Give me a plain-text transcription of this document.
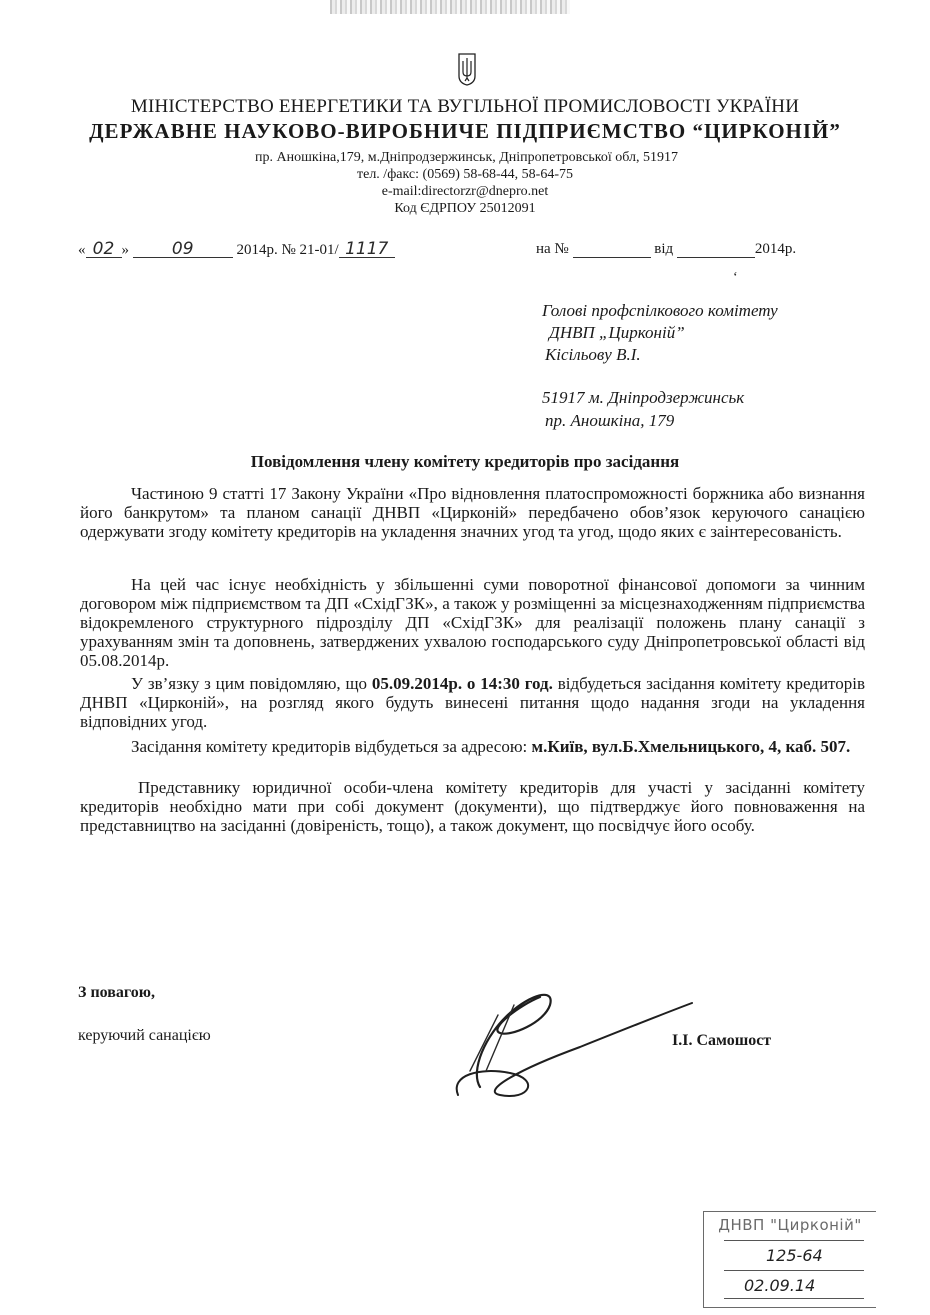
МІНІСТЕРСТВО ЕНЕРГЕТИКИ ТА ВУГІЛЬНОЇ ПРОМИСЛОВОСТІ УКРАЇНИ
ДЕРЖАВНЕ НАУКОВО-ВИРОБНИЧЕ ПІДПРИЄМСТВО “ЦИРКОНІЙ”
пр. Аношкіна,179, м.Дніпродзержинськ, Дніпропетровської обл, 51917
тел. /факс: (0569) 58-68-44, 58-64-75
e-mail:directorzr@dnepro.net
Код ЄДРПОУ 25012091
« 02 »	09	2014р. № 21-01/ 1117	на №	від	2014р.
ʻ
Голові профспілкового комітету
ДНВП „Цирконій”
Кісільову В.І.
51917 м. Дніпродзержинськ
пр. Аношкіна, 179
Повідомлення члену комітету кредиторів про засідання
Частиною 9 статті 17 Закону України «Про відновлення платоспроможності боржника або визнання його банкрутом» та планом санації ДНВП «Цирконій» передбачено обов’язок керуючого санацією одержувати згоду комітету кредиторів на укладення значних угод та угод, щодо яких є заінтересованість.
На цей час існує необхідність у збільшенні суми поворотної фінансової допомоги за чинним договором між підприємством та ДП «СхідГЗК», а також у розміщенні за місцезнаходженням підприємства відокремленого структурного підрозділу ДП «СхідГЗК» для реалізації положень плану санації з урахуванням змін та доповнень, затверджених ухвалою господарського суду Дніпропетровської області від 05.08.2014р.
У зв’язку з цим повідомляю, що 05.09.2014р. о 14:30 год. відбудеться засідання комітету кредиторів ДНВП «Цирконій», на розгляд якого будуть винесені питання щодо надання згоди на укладення відповідних угод.
Засідання комітету кредиторів відбудеться за адресою: м.Київ, вул.Б.Хмельницького, 4, каб. 507.
Представнику юридичної особи-члена комітету кредиторів для участі у засіданні комітету кредиторів необхідно мати при собі документ (документи), що підтверджує його повноваження на представництво на засіданні (довіреність, тощо), а також документ, що посвідчує його особу.
З повагою,
керуючий санацією	І.І. Самошост
ДНВП "Цирконій"
125-64
02.09.14
